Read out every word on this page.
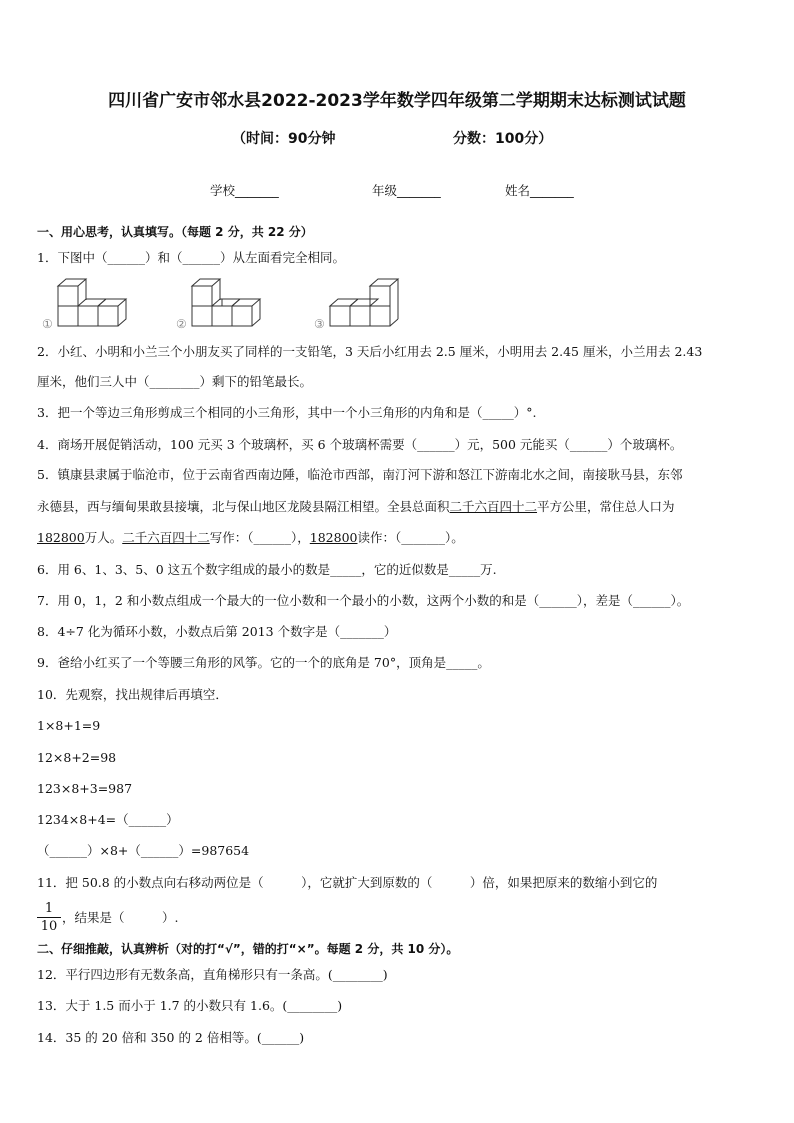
四川省广安市邻水县2022-2023学年数学四年级第二学期期末达标测试试题
（时间：90分钟	分数：100分）
学校_______	年级_______	姓名_______
一、用心思考，认真填写。（每题 2 分，共 22 分）
1．下图中（______）和（______）从左面看完全相同。
①	②	③
2．小红、小明和小兰三个小朋友买了同样的一支铅笔，3 天后小红用去 2.5 厘米，小明用去 2.45 厘米，小兰用去 2.43
厘米，他们三人中（________）剩下的铅笔最长。
3．把一个等边三角形剪成三个相同的小三角形，其中一个小三角形的内角和是（_____）°.
4．商场开展促销活动，100 元买 3 个玻璃杯，买 6 个玻璃杯需要（______）元，500 元能买（______）个玻璃杯。
5．镇康县隶属于临沧市，位于云南省西南边陲，临沧市西部，南汀河下游和怒江下游南北水之间，南接耿马县，东邻
永德县，西与缅甸果敢县接壤，北与保山地区龙陵县隔江相望。全县总面积二千六百四十二平方公里，常住总人口为
182800万人。二千六百四十二写作：（______），182800读作：（_______）。
6．用 6、1、3、5、0 这五个数字组成的最小的数是_____，它的近似数是_____万.
7．用 0，1，2 和小数点组成一个最大的一位小数和一个最小的小数，这两个小数的和是（______），差是（______）。
8．4÷7 化为循环小数，小数点后第 2013 个数字是（_______）
9．爸给小红买了一个等腰三角形的风筝。它的一个的底角是 70°，顶角是_____。
10．先观察，找出规律后再填空．
1×8+1=9
12×8+2=98
123×8+3=987
1234×8+4=（______）
（______）×8+（______）=987654
11．把 50.8 的小数点向右移动两位是（　　　），它就扩大到原数的（　　　）倍，如果把原来的数缩小到它的
$\frac{1}{10}$ ，结果是（　　　）.
二、仔细推敲，认真辨析（对的打“√”，错的打“×”。每题 2 分，共 10 分）。
12．平行四边形有无数条高，直角梯形只有一条高。(________)
13．大于 1.5 而小于 1.7 的小数只有 1.6。(________)
14．35 的 20 倍和 350 的 2 倍相等。(______)
